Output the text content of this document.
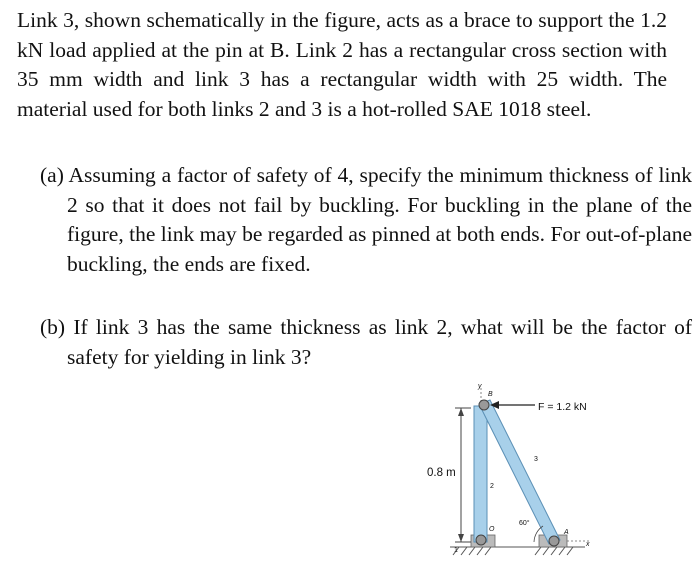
Link 3, shown schematically in the figure, acts as a brace to support the 1.2 kN load applied at the pin at B. Link 2 has a rectangular cross section with 35 mm width and link 3 has a rectangular width with 25 width. The material used for both links 2 and 3 is a hot-rolled SAE 1018 steel.
(a) Assuming a factor of safety of 4, specify the minimum thickness of link 2 so that it does not fail by buckling. For buckling in the plane of the figure, the link may be regarded as pinned at both ends. For out-of-plane buckling, the ends are fixed.
(b) If link 3 has the same thickness as link 2, what will be the factor of safety for yielding in link 3?
F = 1.2 kN
0.8 m
60°
B
A
O
2
3
1
y
x
